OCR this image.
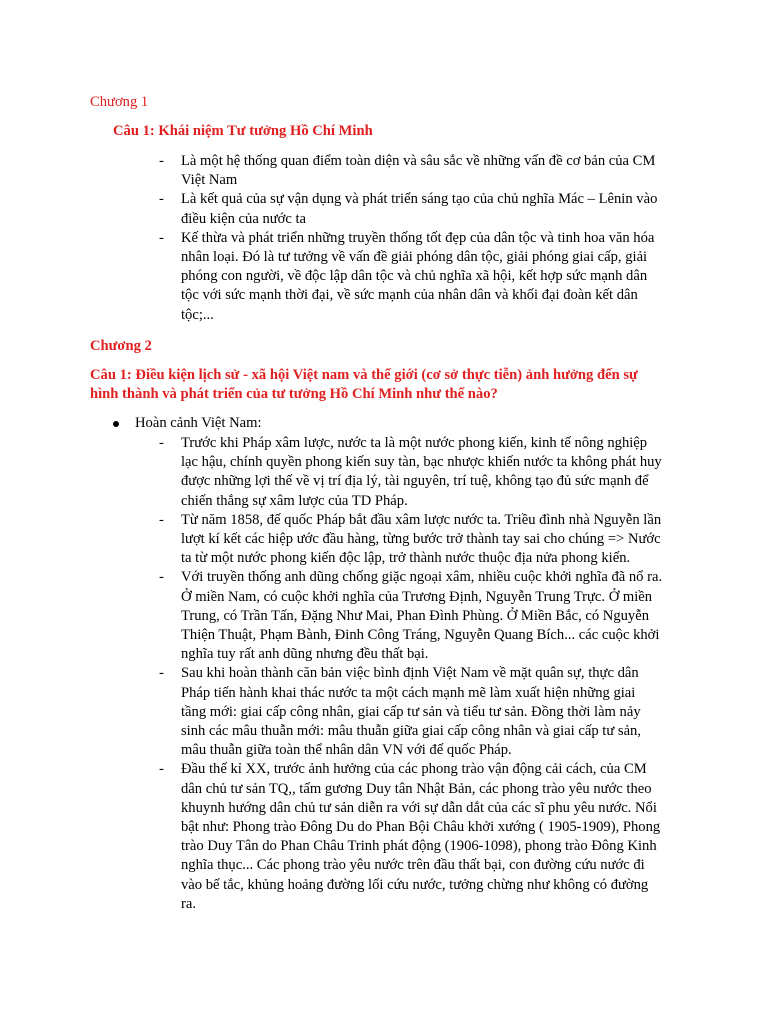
Chương 1
Câu 1: Khái niệm Tư tưởng Hồ Chí Minh
- Là một hệ thống quan điểm toàn diện và sâu sắc về những vấn đề cơ bản của CM
Việt Nam
- Là kết quả của sự vận dụng và phát triển sáng tạo của chủ nghĩa Mác – Lênin vào
điều kiện của nước ta
- Kế thừa và phát triển những truyền thống tốt đẹp của dân tộc và tinh hoa văn hóa
nhân loại. Đó là tư tưởng về vấn đề giải phóng dân tộc, giải phóng giai cấp, giải
phóng con người, về độc lập dân tộc và chủ nghĩa xã hội, kết hợp sức mạnh dân
tộc với sức mạnh thời đại, về sức mạnh của nhân dân và khối đại đoàn kết dân
tộc;...
Chương 2
Câu 1: Điều kiện lịch sử - xã hội Việt nam và thế giới (cơ sở thực tiễn) ảnh hưởng đến sự
hình thành và phát triển của tư tưởng Hồ Chí Minh như thế nào?
Hoàn cảnh Việt Nam:
- Trước khi Pháp xâm lược, nước ta là một nước phong kiến, kinh tế nông nghiệp
lạc hậu, chính quyền phong kiến suy tàn, bạc nhược khiến nước ta không phát huy
được những lợi thế về vị trí địa lý, tài nguyên, trí tuệ, không tạo đủ sức mạnh để
chiến thắng sự xâm lược của TD Pháp.
- Từ năm 1858, đế quốc Pháp bắt đầu xâm lược nước ta. Triều đình nhà Nguyễn lần
lượt kí kết các hiệp ước đầu hàng, từng bước trở thành tay sai cho chúng => Nước
ta từ một nước phong kiến độc lập, trở thành nước thuộc địa nửa phong kiến.
- Với truyền thống anh dũng chống giặc ngoại xâm, nhiều cuộc khởi nghĩa đã nổ ra.
Ở miền Nam, có cuộc khởi nghĩa của Trương Định, Nguyễn Trung Trực. Ở miền
Trung, có Trần Tấn, Đặng Như Mai, Phan Đình Phùng. Ở Miền Bắc, có Nguyễn
Thiện Thuật, Phạm Bành, Đinh Công Tráng, Nguyễn Quang Bích... các cuộc khởi
nghĩa tuy rất anh dũng nhưng đều thất bại.
- Sau khi hoàn thành căn bản việc bình định Việt Nam về mặt quân sự, thực dân
Pháp tiến hành khai thác nước ta một cách mạnh mẽ làm xuất hiện những giai
tầng mới: giai cấp công nhân, giai cấp tư sản và tiểu tư sản. Đồng thời làm nảy
sinh các mâu thuẫn mới: mâu thuẫn giữa giai cấp công nhân và giai cấp tư sản,
mâu thuẫn giữa toàn thể nhân dân VN với đế quốc Pháp.
- Đầu thế kỉ XX, trước ảnh hưởng của các phong trào vận động cải cách, của CM
dân chủ tư sản TQ,, tấm gương Duy tân Nhật Bản, các phong trào yêu nước theo
khuynh hướng dân chủ tư sản diễn ra với sự dẫn dắt của các sĩ phu yêu nước. Nổi
bật như: Phong trào Đông Du do Phan Bội Châu khởi xướng ( 1905-1909), Phong
trào Duy Tân do Phan Châu Trinh phát động (1906-1098), phong trào Đông Kinh
nghĩa thục... Các phong trào yêu nước trên đầu thất bại, con đường cứu nước đi
vào bế tắc, khủng hoảng đường lối cứu nước, tưởng chừng như không có đường
ra.
